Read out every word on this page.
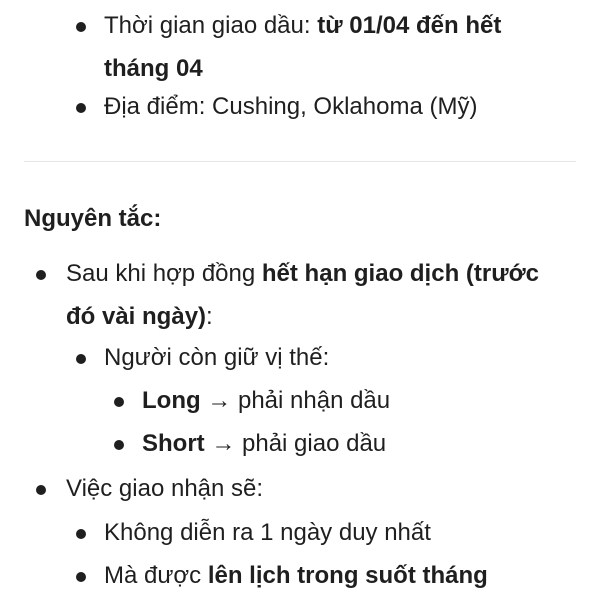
Thời gian giao dầu: từ 01/04 đến hết
tháng 04
Địa điểm: Cushing, Oklahoma (Mỹ)
Nguyên tắc:
Sau khi hợp đồng hết hạn giao dịch (trước
đó vài ngày):
Người còn giữ vị thế:
Long → phải nhận dầu
Short → phải giao dầu
Việc giao nhận sẽ:
Không diễn ra 1 ngày duy nhất
Mà được lên lịch trong suốt tháng
